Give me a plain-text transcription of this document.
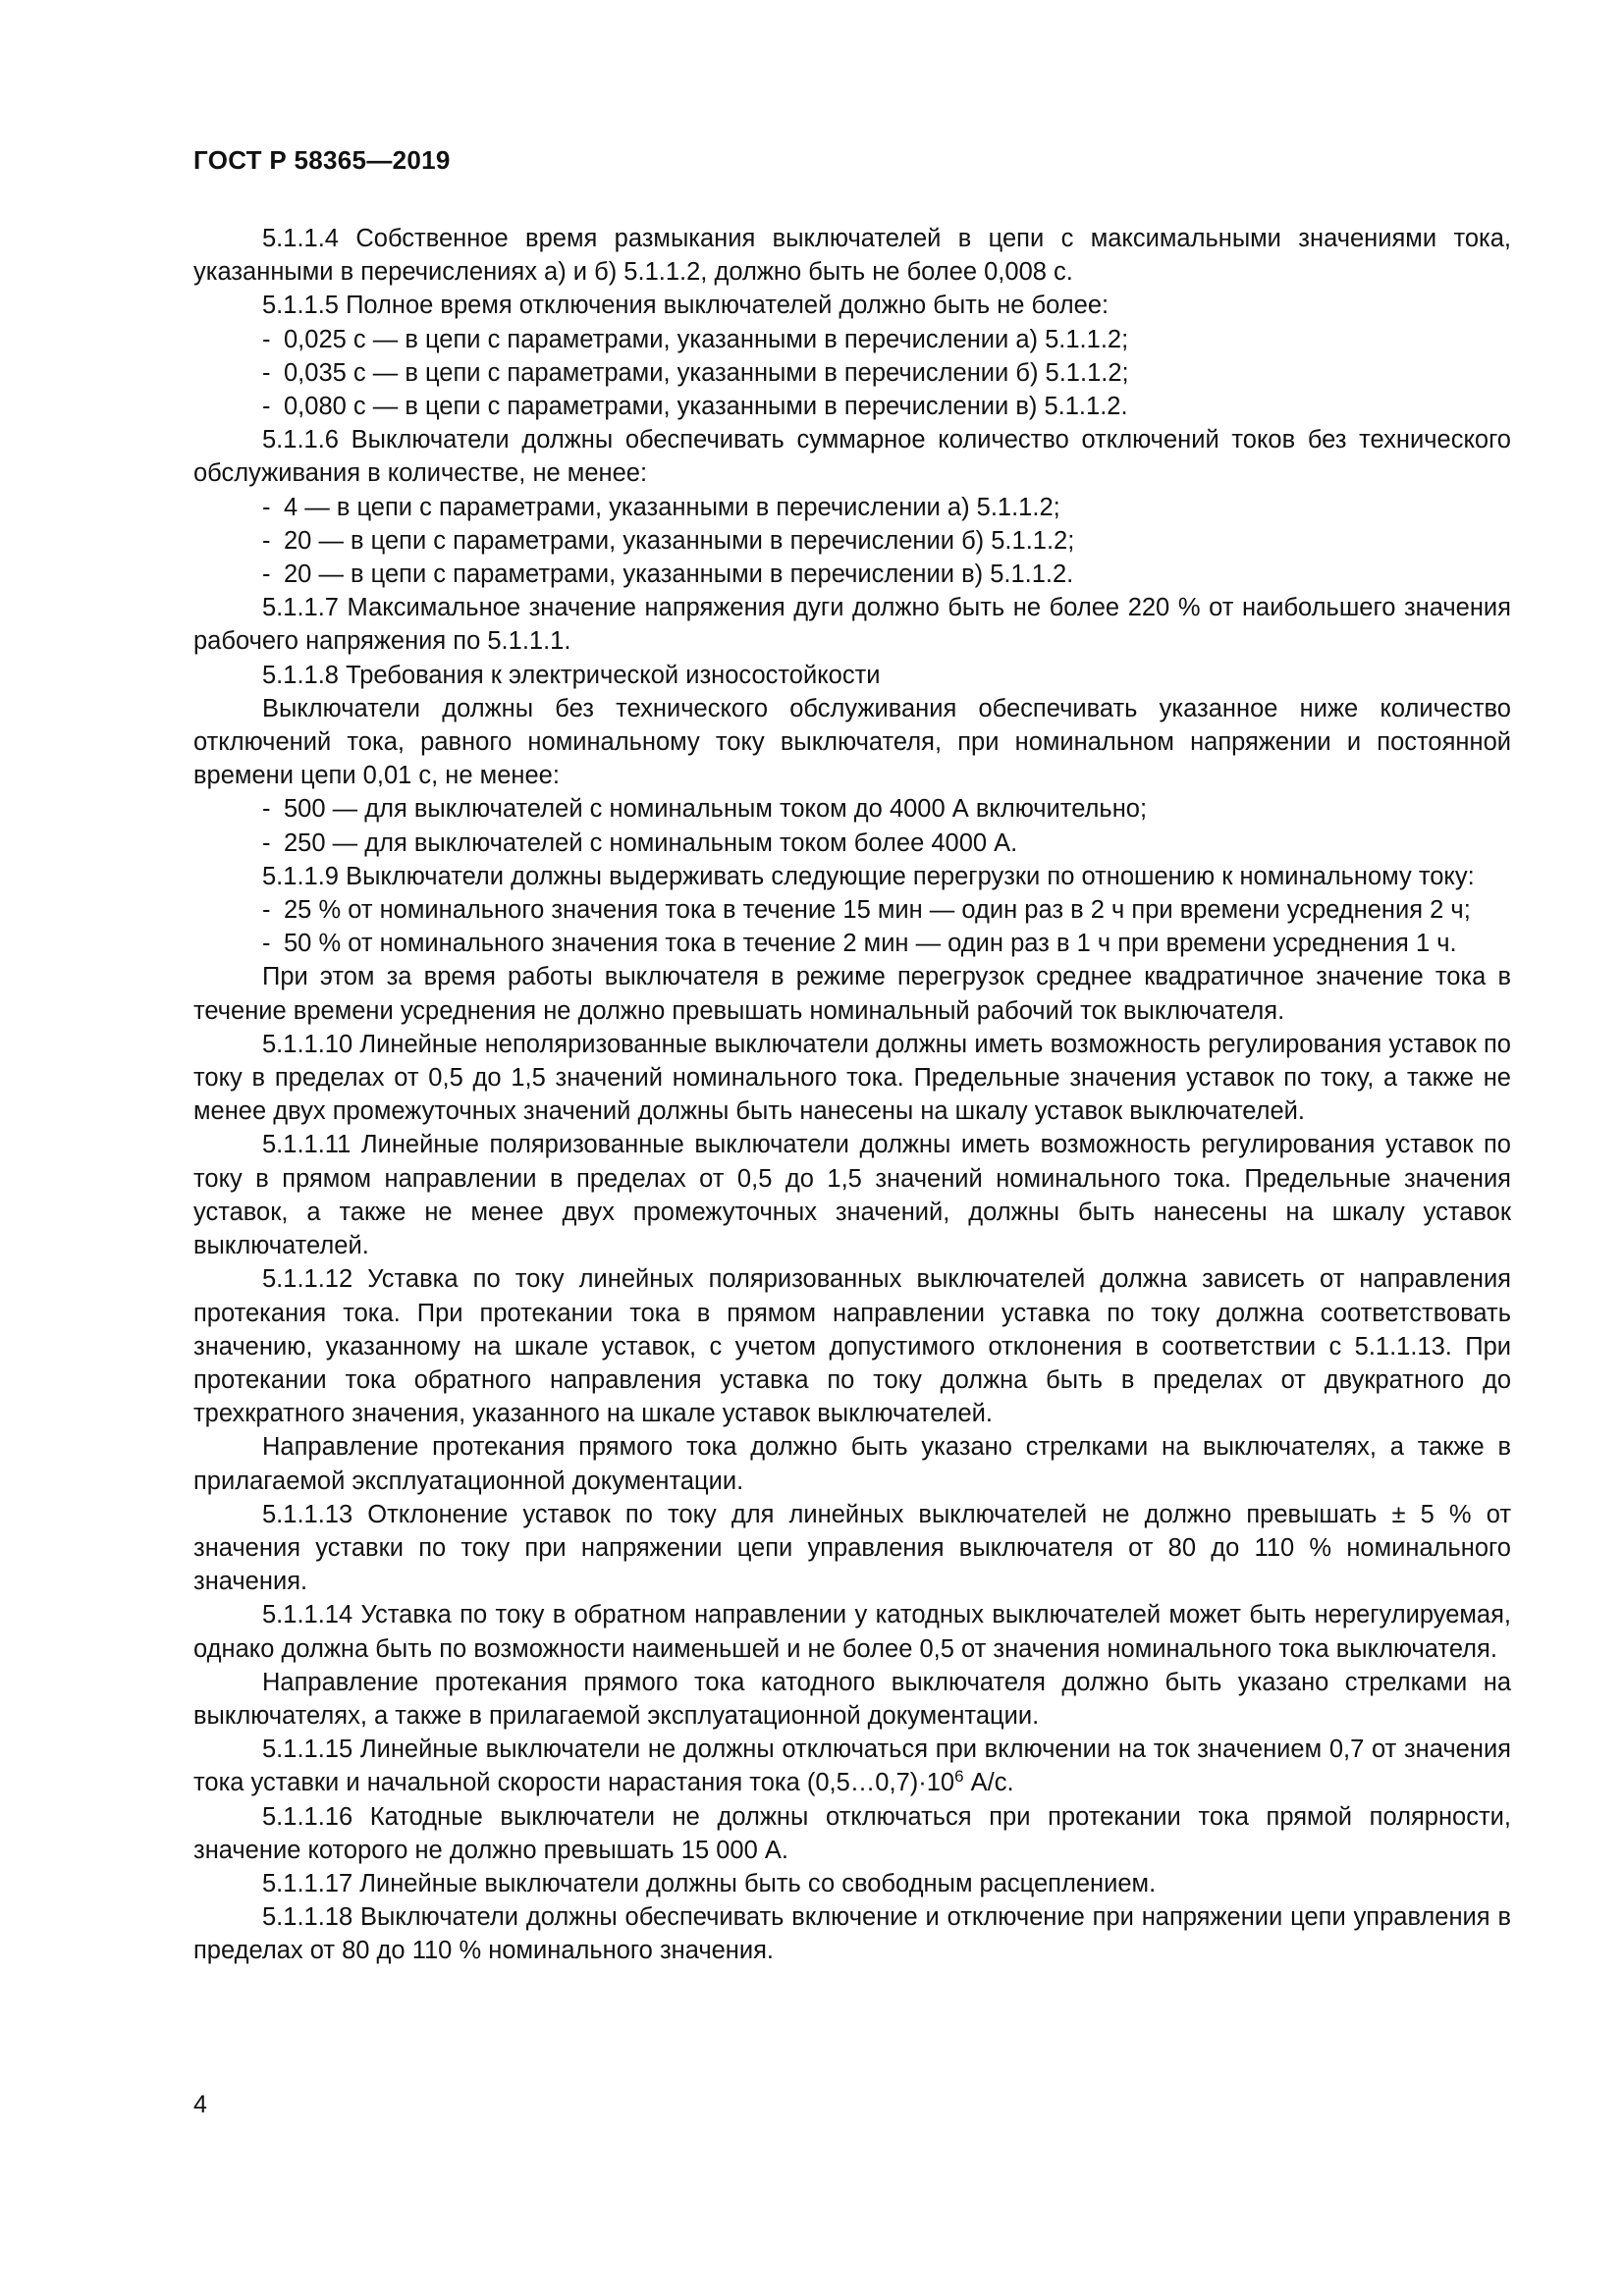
ГОСТ Р 58365—2019

5.1.1.4 Собственное время размыкания выключателей в цепи с максимальными значениями тока, указанными в перечислениях а) и б) 5.1.1.2, должно быть не более 0,008 с.

5.1.1.5 Полное время отключения выключателей должно быть не более:

- 0,025 с — в цепи с параметрами, указанными в перечислении а) 5.1.1.2;

- 0,035 с — в цепи с параметрами, указанными в перечислении б) 5.1.1.2;

- 0,080 с — в цепи с параметрами, указанными в перечислении в) 5.1.1.2.

5.1.1.6 Выключатели должны обеспечивать суммарное количество отключений токов без технического обслуживания в количестве, не менее:

- 4 — в цепи с параметрами, указанными в перечислении а) 5.1.1.2;

- 20 — в цепи с параметрами, указанными в перечислении б) 5.1.1.2;

- 20 — в цепи с параметрами, указанными в перечислении в) 5.1.1.2.

5.1.1.7 Максимальное значение напряжения дуги должно быть не более 220 % от наибольшего значения рабочего напряжения по 5.1.1.1.

5.1.1.8 Требования к электрической износостойкости

Выключатели должны без технического обслуживания обеспечивать указанное ниже количество отключений тока, равного номинальному току выключателя, при номинальном напряжении и постоянной времени цепи 0,01 с, не менее:

- 500 — для выключателей с номинальным током до 4000 А включительно;

- 250 — для выключателей с номинальным током более 4000 А.

5.1.1.9 Выключатели должны выдерживать следующие перегрузки по отношению к номинальному току:

- 25 % от номинального значения тока в течение 15 мин — один раз в 2 ч при времени усреднения 2 ч;

- 50 % от номинального значения тока в течение 2 мин — один раз в 1 ч при времени усреднения 1 ч.

При этом за время работы выключателя в режиме перегрузок среднее квадратичное значение тока в течение времени усреднения не должно превышать номинальный рабочий ток выключателя.

5.1.1.10 Линейные неполяризованные выключатели должны иметь возможность регулирования уставок по току в пределах от 0,5 до 1,5 значений номинального тока. Предельные значения уставок по току, а также не менее двух промежуточных значений должны быть нанесены на шкалу уставок выключателей.

5.1.1.11 Линейные поляризованные выключатели должны иметь возможность регулирования уставок по току в прямом направлении в пределах от 0,5 до 1,5 значений номинального тока. Предельные значения уставок, а также не менее двух промежуточных значений, должны быть нанесены на шкалу уставок выключателей.

5.1.1.12 Уставка по току линейных поляризованных выключателей должна зависеть от направления протекания тока. При протекании тока в прямом направлении уставка по току должна соответствовать значению, указанному на шкале уставок, с учетом допустимого отклонения в соответствии с 5.1.1.13. При протекании тока обратного направления уставка по току должна быть в пределах от двукратного до трехкратного значения, указанного на шкале уставок выключателей.

Направление протекания прямого тока должно быть указано стрелками на выключателях, а также в прилагаемой эксплуатационной документации.

5.1.1.13 Отклонение уставок по току для линейных выключателей не должно превышать ± 5 % от значения уставки по току при напряжении цепи управления выключателя от 80 до 110 % номинального значения.

5.1.1.14 Уставка по току в обратном направлении у катодных выключателей может быть нерегулируемая, однако должна быть по возможности наименьшей и не более 0,5 от значения номинального тока выключателя.

Направление протекания прямого тока катодного выключателя должно быть указано стрелками на выключателях, а также в прилагаемой эксплуатационной документации.

5.1.1.15 Линейные выключатели не должны отключаться при включении на ток значением 0,7 от значения тока уставки и начальной скорости нарастания тока $(0,5\dots 0,7)\cdot 10^6$ А/с.

5.1.1.16 Катодные выключатели не должны отключаться при протекании тока прямой полярности, значение которого не должно превышать 15 000 А.

5.1.1.17 Линейные выключатели должны быть со свободным расцеплением.

5.1.1.18 Выключатели должны обеспечивать включение и отключение при напряжении цепи управления в пределах от 80 до 110 % номинального значения.

4
